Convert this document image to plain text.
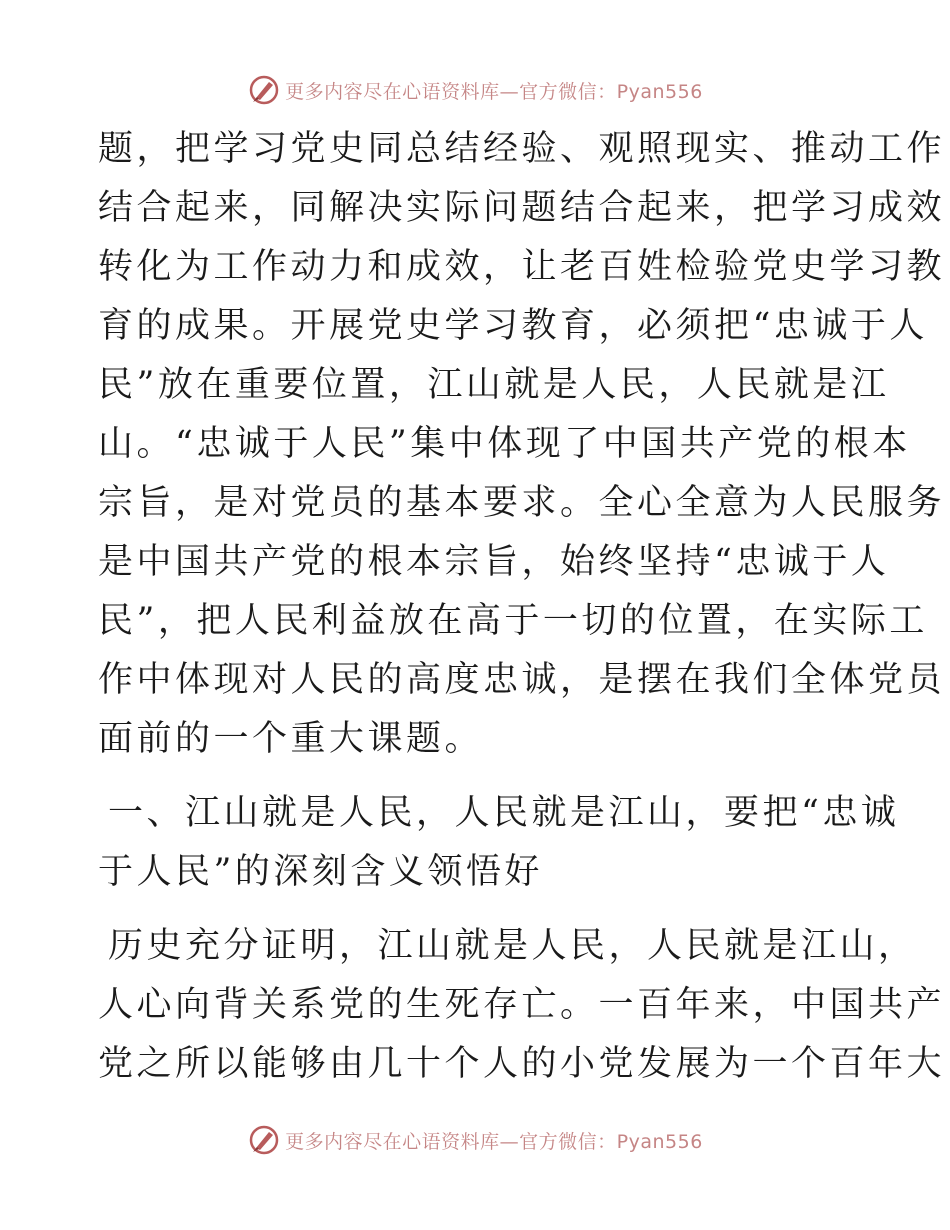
更多内容尽在心语资料库—官方微信：Pyan556
题，把学习党史同总结经验、观照现实、推动工作
结合起来，同解决实际问题结合起来，把学习成效
转化为工作动力和成效，让老百姓检验党史学习教
育的成果。开展党史学习教育，必须把“忠诚于人
民”放在重要位置，江山就是人民，人民就是江
山。“忠诚于人民”集中体现了中国共产党的根本
宗旨，是对党员的基本要求。全心全意为人民服务
是中国共产党的根本宗旨，始终坚持“忠诚于人
民”，把人民利益放在高于一切的位置，在实际工
作中体现对人民的高度忠诚，是摆在我们全体党员
面前的一个重大课题。
一、江山就是人民，人民就是江山，要把“忠诚
于人民”的深刻含义领悟好
历史充分证明，江山就是人民，人民就是江山，
人心向背关系党的生死存亡。一百年来，中国共产
党之所以能够由几十个人的小党发展为一个百年大
更多内容尽在心语资料库—官方微信：Pyan556
